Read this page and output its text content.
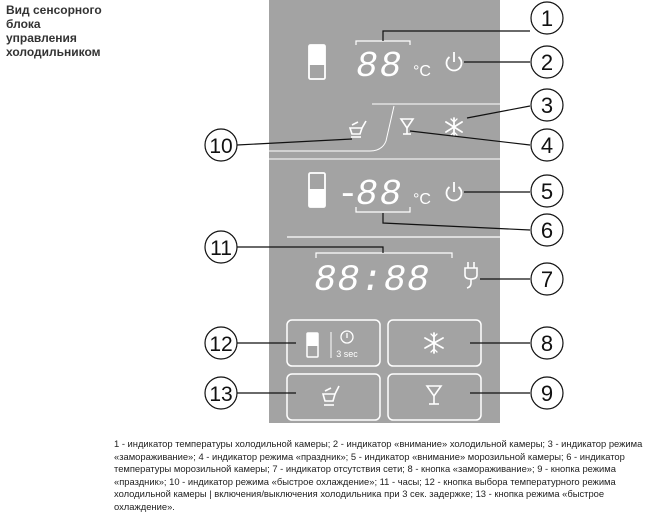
Вид сенсорного
блока
управления
холодильником	88 °C
-
88 °C
88:88
3 sec
1
2
3
4
5
6
7
8
9
10
11
12
13
1 - индикатор температуры холодильной камеры; 2 - индикатор «внимание» холодильной камеры; 3 - индикатор режима «замораживание»; 4 - индикатор режима «праздник»; 5 - индикатор «внимание» морозильной камеры; 6 - индикатор температуры морозильной камеры; 7 - индикатор отсутствия сети; 8 - кнопка «замораживание»; 9 - кнопка режима «праздник»; 10 - индикатор режима «быстрое охлаждение»; 11 - часы; 12 - кнопка выбора температурного режима холодильной камеры | включения/выключения холодильника при 3 сек. задержке; 13 - кнопка режима «быстрое охлаждение».
